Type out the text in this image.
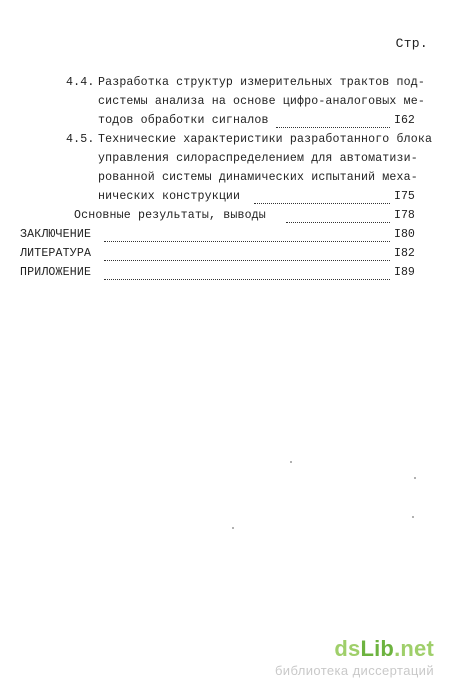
Стр.
4.4. Разработка структур измерительных трактов под-
системы анализа на основе цифро-аналоговых ме-
тодов обработки сигналов	I62
4.5. Технические характеристики разработанного блока
управления силораспределением для автоматизи-
рованной системы динамических испытаний меха-
нических конструкции	I75
Основные результаты, выводы	I78
ЗАКЛЮЧЕНИЕ	I80
ЛИТЕРАТУРА	I82
ПРИЛОЖЕНИЕ	I89
dsLib.net
библиотека диссертаций
